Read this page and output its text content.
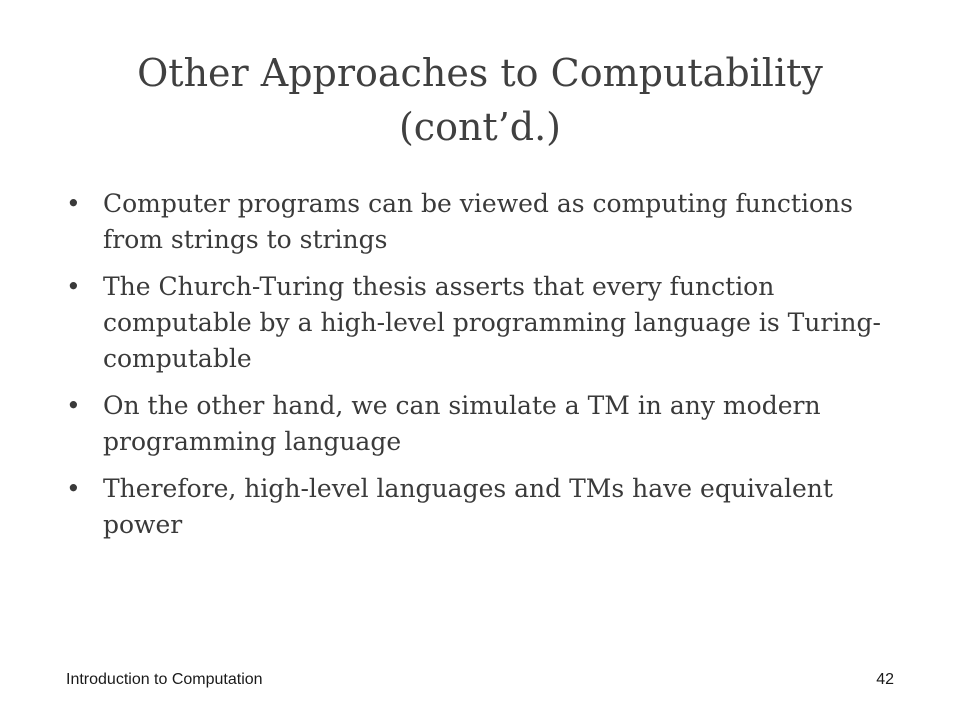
Other Approaches to Computability
(cont’d.)
• Computer programs can be viewed as computing functions from strings to strings
• The Church-Turing thesis asserts that every function computable by a high-level programming language is Turing-computable
• On the other hand, we can simulate a TM in any modern programming language
• Therefore, high-level languages and TMs have equivalent power
Introduction to Computation	42
